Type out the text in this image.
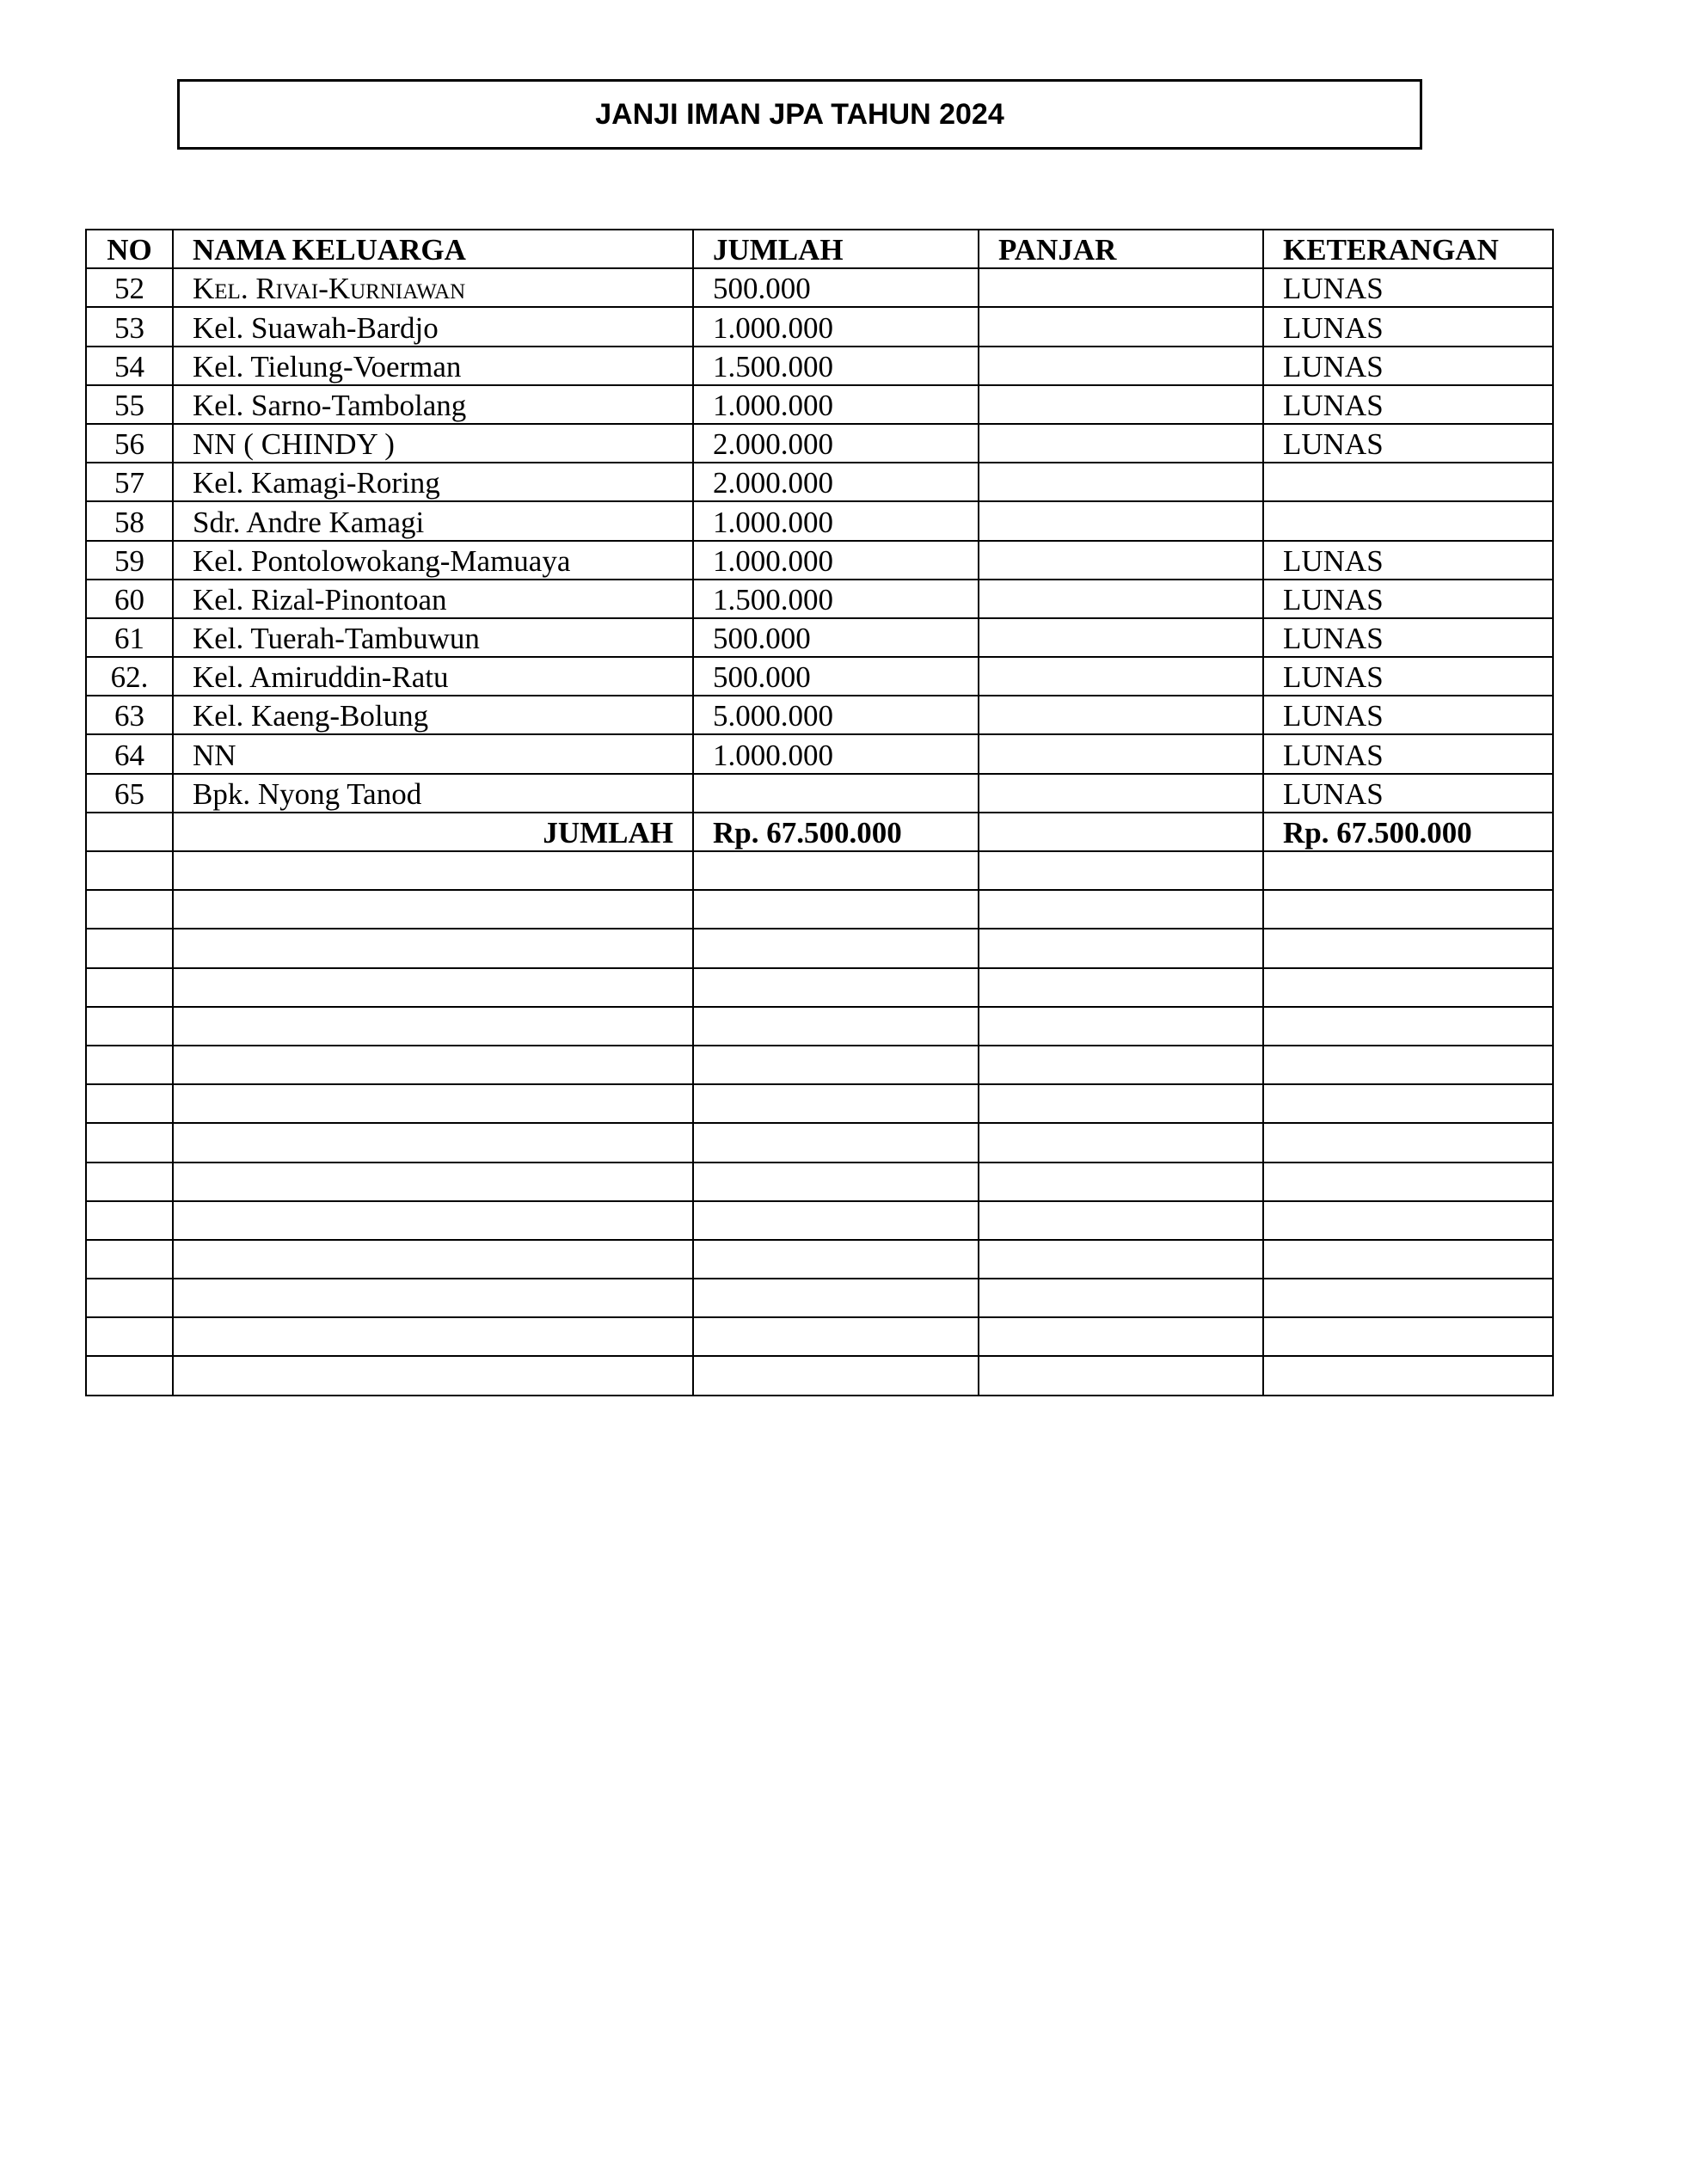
JANJI IMAN JPA TAHUN 2024
NO	NAMA KELUARGA	JUMLAH	PANJAR	KETERANGAN
52	Kel. Rivai-Kurniawan	500.000		LUNAS
53	Kel. Suawah-Bardjo	1.000.000		LUNAS
54	Kel. Tielung-Voerman	1.500.000		LUNAS
55	Kel. Sarno-Tambolang	1.000.000		LUNAS
56	NN ( CHINDY )	2.000.000		LUNAS
57	Kel. Kamagi-Roring	2.000.000		
58	Sdr. Andre Kamagi	1.000.000		
59	Kel. Pontolowokang-Mamuaya	1.000.000		LUNAS
60	Kel. Rizal-Pinontoan	1.500.000		LUNAS
61	Kel. Tuerah-Tambuwun	500.000		LUNAS
62.	Kel. Amiruddin-Ratu	500.000		LUNAS
63	Kel. Kaeng-Bolung	5.000.000		LUNAS
64	NN	1.000.000		LUNAS
65	Bpk. Nyong Tanod			LUNAS
	JUMLAH	Rp. 67.500.000		Rp. 67.500.000
